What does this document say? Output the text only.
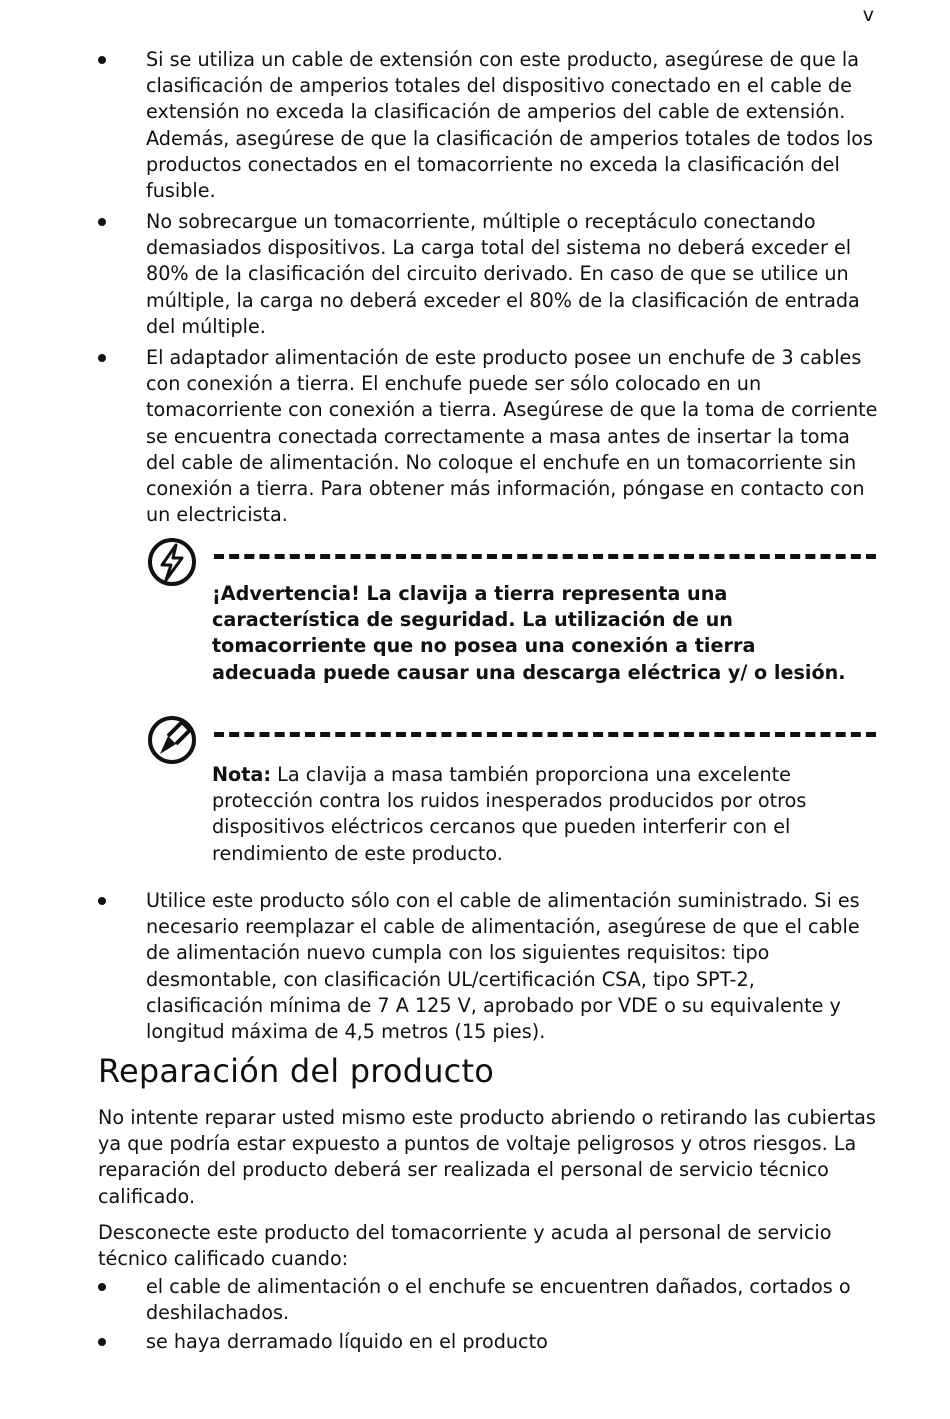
v
Si se utiliza un cable de extensión con este producto, asegúrese de que la clasificación de amperios totales del dispositivo conectado en el cable de extensión no exceda la clasificación de amperios del cable de extensión. Además, asegúrese de que la clasificación de amperios totales de todos los productos conectados en el tomacorriente no exceda la clasificación del fusible.
No sobrecargue un tomacorriente, múltiple o receptáculo conectando demasiados dispositivos. La carga total del sistema no deberá exceder el 80% de la clasificación del circuito derivado. En caso de que se utilice un múltiple, la carga no deberá exceder el 80% de la clasificación de entrada del múltiple.
El adaptador alimentación de este producto posee un enchufe de 3 cables con conexión a tierra. El enchufe puede ser sólo colocado en un tomacorriente con conexión a tierra. Asegúrese de que la toma de corriente se encuentra conectada correctamente a masa antes de insertar la toma del cable de alimentación. No coloque el enchufe en un tomacorriente sin conexión a tierra. Para obtener más información, póngase en contacto con un electricista.
¡Advertencia! La clavija a tierra representa una característica de seguridad. La utilización de un tomacorriente que no posea una conexión a tierra adecuada puede causar una descarga eléctrica y/ o lesión.
Nota: La clavija a masa también proporciona una excelente protección contra los ruidos inesperados producidos por otros dispositivos eléctricos cercanos que pueden interferir con el rendimiento de este producto.
Utilice este producto sólo con el cable de alimentación suministrado. Si es necesario reemplazar el cable de alimentación, asegúrese de que el cable de alimentación nuevo cumpla con los siguientes requisitos: tipo desmontable, con clasificación UL/certificación CSA, tipo SPT-2, clasificación mínima de 7 A 125 V, aprobado por VDE o su equivalente y longitud máxima de 4,5 metros (15 pies).
Reparación del producto

No intente reparar usted mismo este producto abriendo o retirando las cubiertas ya que podría estar expuesto a puntos de voltaje peligrosos y otros riesgos. La reparación del producto deberá ser realizada el personal de servicio técnico calificado.

Desconecte este producto del tomacorriente y acuda al personal de servicio técnico calificado cuando:

el cable de alimentación o el enchufe se encuentren dañados, cortados o deshilachados.
se haya derramado líquido en el producto
